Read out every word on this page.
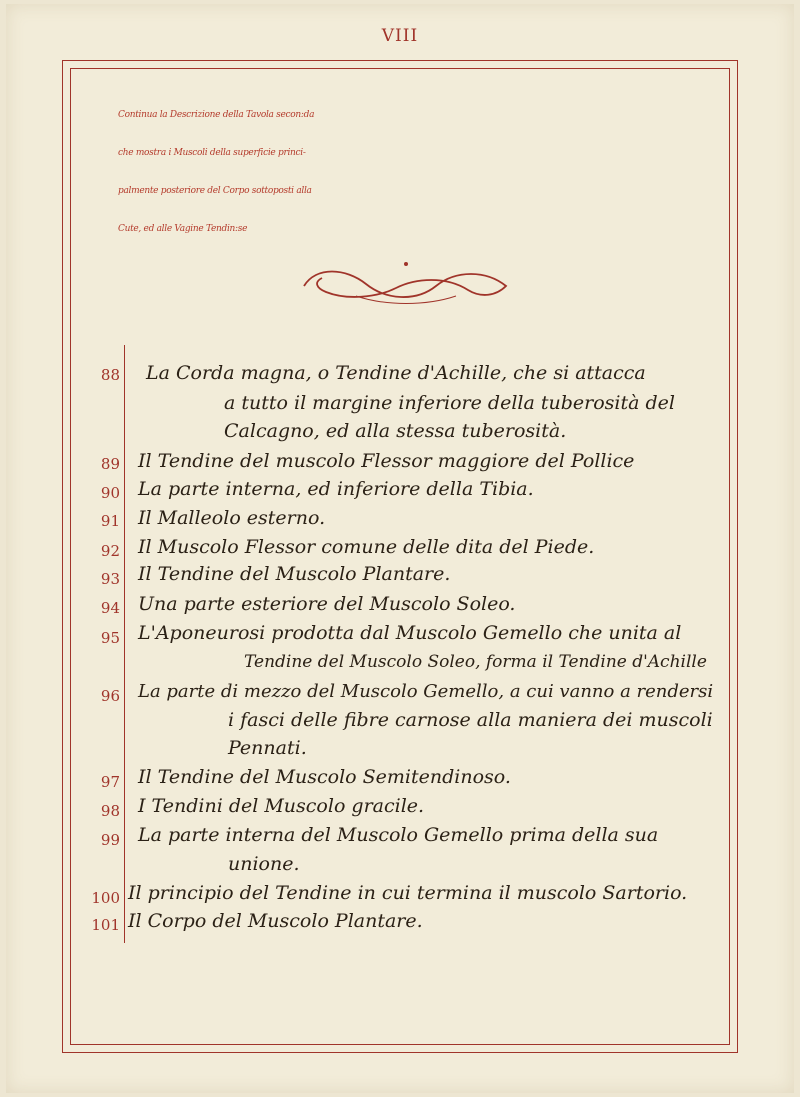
VIII
Continua la Descrizione della Tavola secon:da
che mostra i Muscoli della superficie princi-
palmente posteriore del Corpo sottoposti alla
Cute, ed alle Vagine Tendin:se
88 La Corda magna, o Tendine d'Achille, che si attacca
a tutto il margine inferiore della tuberosità del
Calcagno, ed alla stessa tuberosità.
89 Il Tendine del muscolo Flessor maggiore del Pollice
90 La parte interna, ed inferiore della Tibia.
91 Il Malleolo esterno.
92 Il Muscolo Flessor comune delle dita del Piede.
93 Il Tendine del Muscolo Plantare.
94 Una parte esteriore del Muscolo Soleo.
95 L'Aponeurosi prodotta dal Muscolo Gemello che unita al
Tendine del Muscolo Soleo, forma il Tendine d'Achille
96 La parte di mezzo del Muscolo Gemello, a cui vanno a rendersi
i fasci delle fibre carnose alla maniera dei muscoli
Pennati.
97 Il Tendine del Muscolo Semitendinoso.
98 I Tendini del Muscolo gracile.
99 La parte interna del Muscolo Gemello prima della sua
unione.
100 Il principio del Tendine in cui termina il muscolo Sartorio.
101 Il Corpo del Muscolo Plantare.
